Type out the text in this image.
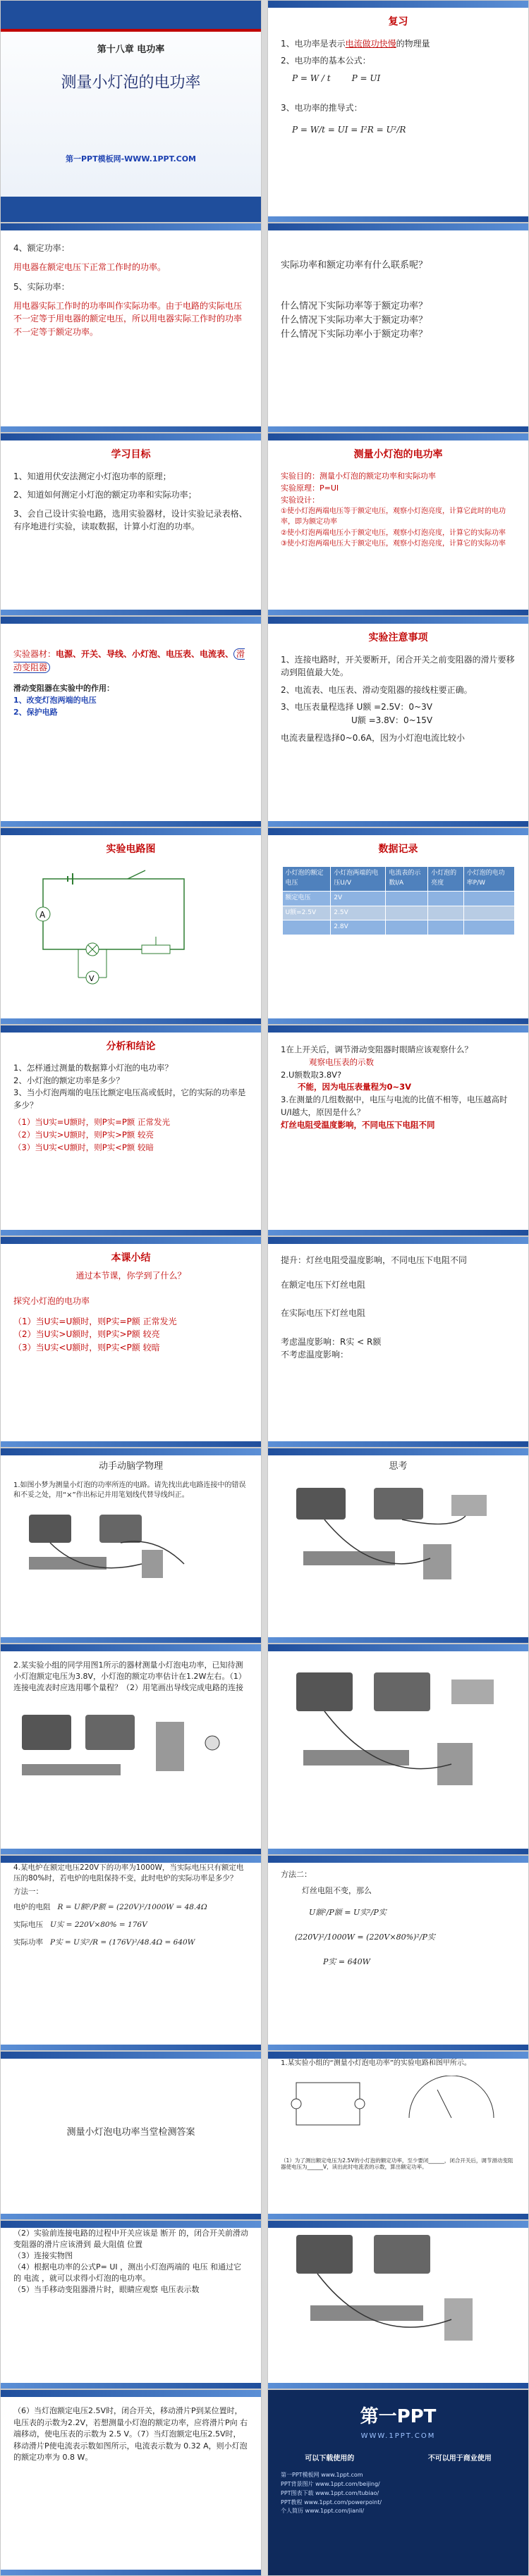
第十八章 电功率
测量小灯泡的电功率
第一PPT模板网-WWW.1PPT.COM
复习
1、电功率是表示电流做功快慢的物理量
2、电功率的基本公式：
P = W / t	P = UI
3、电功率的推导式：
P = W/t = UI = I²R = U²/R
4、额定功率：
用电器在额定电压下正常工作时的功率。
5、实际功率：
用电器实际工作时的功率叫作实际功率。由于电路的实际电压不一定等于用电器的额定电压，所以用电器实际工作时的功率不一定等于额定功率。
实际功率和额定功率有什么联系呢？
什么情况下实际功率等于额定功率？
什么情况下实际功率大于额定功率？
什么情况下实际功率小于额定功率？
学习目标
1、知道用伏安法测定小灯泡功率的原理；
2、知道如何测定小灯泡的额定功率和实际功率；
3、会自己设计实验电路，选用实验器材，设计实验记录表格、有序地进行实验，读取数据，计算小灯泡的功率。
测量小灯泡的电功率
实验目的：测量小灯泡的额定功率和实际功率
实验原理：P=UI
实验设计：
①使小灯泡两端电压等于额定电压，观察小灯泡亮度，计算它此时的电功率，即为额定功率
②使小灯泡两端电压小于额定电压，观察小灯泡亮度，计算它的实际功率
③使小灯泡两端电压大于额定电压，观察小灯泡亮度，计算它的实际功率
实验器材：电源、开关、导线、小灯泡、电压表、电流表、 滑动变阻器
滑动变阻器在实验中的作用：
1、改变灯泡两端的电压
2、保护电路
实验注意事项
1、连接电路时，开关要断开，闭合开关之前变阻器的滑片要移动到阻值最大处。
2、电流表、电压表、滑动变阻器的接线柱要正确。
3、电压表量程选择 U额 =2.5V：0~3V
U额 =3.8V：0~15V
电流表量程选择0~0.6A，因为小灯泡电流比较小
实验电路图
A
V
数据记录
小灯泡的额定电压	小灯泡两端的电压U/V	电流表的示数I/A	小灯泡的亮度	小灯泡的电功率P/W
额定电压	2V			
U额=2.5V	2.5V			
	2.8V			
分析和结论
1、怎样通过测量的数据算小灯泡的电功率？
2、小灯泡的额定功率是多少？
3、当小灯泡两端的电压比额定电压高或低时，它的实际的功率是多少？
（1）当U实=U额时，则P实=P额 正常发光
（2）当U实>U额时，则P实>P额 较亮
（3）当U实<U额时，则P实<P额 较暗
1在上开关后，调节滑动变阻器时眼睛应该观察什么？
观察电压表的示数
2.U额数取3.8V?
不能，因为电压表量程为0~3V
3.在测量的几组数据中，电压与电流的比值不相等，电压越高时U/I越大，原因是什么？
灯丝电阻受温度影响，不同电压下电阻不同
本课小结
通过本节课，你学到了什么？
探究小灯泡的电功率
（1）当U实=U额时，则P实=P额 正常发光
（2）当U实>U额时，则P实>P额 较亮
（3）当U实<U额时，则P实<P额 较暗
提升：灯丝电阻受温度影响，不同电压下电阻不同
在额定电压下灯丝电阻
在实际电压下灯丝电阻
考虑温度影响：R实 < R额
不考虑温度影响：
动手动脑学物理
1.如图小梦为测量小灯泡的功率所连的电路。请先找出此电路连接中的错误和不妥之处，用“×”作出标记并用笔划线代替导线纠正。
思考
2.某实验小组的同学用图1所示的器材测量小灯泡电功率，已知待测小灯泡额定电压为3.8V，小灯泡的额定功率估计在1.2W左右。（1）连接电流表时应选用哪个量程？（2）用笔画出导线完成电路的连接
4.某电炉在额定电压220V下的功率为1000W，当实际电压只有额定电压的80%时，若电炉的电阻保持不变，此时电炉的实际功率是多少？
方法一：
电炉的电阻 R = U额²/P额 = (220V)²/1000W = 48.4Ω
实际电压 U实 = 220V×80% = 176V
实际功率 P实 = U实²/R = (176V)²/48.4Ω = 640W
方法二：
灯丝电阻不变，那么
U额²/P额 = U实²/P实
(220V)²/1000W = (220V×80%)²/P实
P实 = 640W
测量小灯泡电功率当堂检测答案
1.某实验小组的“测量小灯泡电功率”的实验电路和图甲所示。
（1）为了测出额定电压为2.5V的小灯泡的额定功率，至少要闭______，闭合开关后，调节滑动变阻器使电压为______V，读出此时电流表的示数，算出额定功率。
（2）实验前连接电路的过程中开关应该是 断开 的，闭合开关前滑动变阻器的滑片应该滑到 最大阻值 位置
（3）连接实物图
（4）根据电功率的公式P= UI ，测出小灯泡两端的 电压 和通过它的 电流 ，就可以求得小灯泡的电功率。
（5）当手移动变阻器滑片时，眼睛应观察 电压表示数
（6）当灯泡额定电压2.5V时，闭合开关，移动滑片P到某位置时，电压表的示数为2.2V，若想测量小灯泡的额定功率，应将滑片P向 右 端移动，使电压表的示数为 2.5 V。（7）当灯泡额定电压2.5V时，移动滑片P使电流表示数如图所示，电流表示数为 0.32 A，则小灯泡的额定功率为 0.8 W。
第一PPT
WWW.1PPT.COM
可以下载使用的	不可以用于商业使用
第一PPT模板网 www.1ppt.com
PPT背景图片 www.1ppt.com/beijing/
PPT图表下载 www.1ppt.com/tubiao/
PPT教程 www.1ppt.com/powerpoint/
个人简历 www.1ppt.com/jianli/
